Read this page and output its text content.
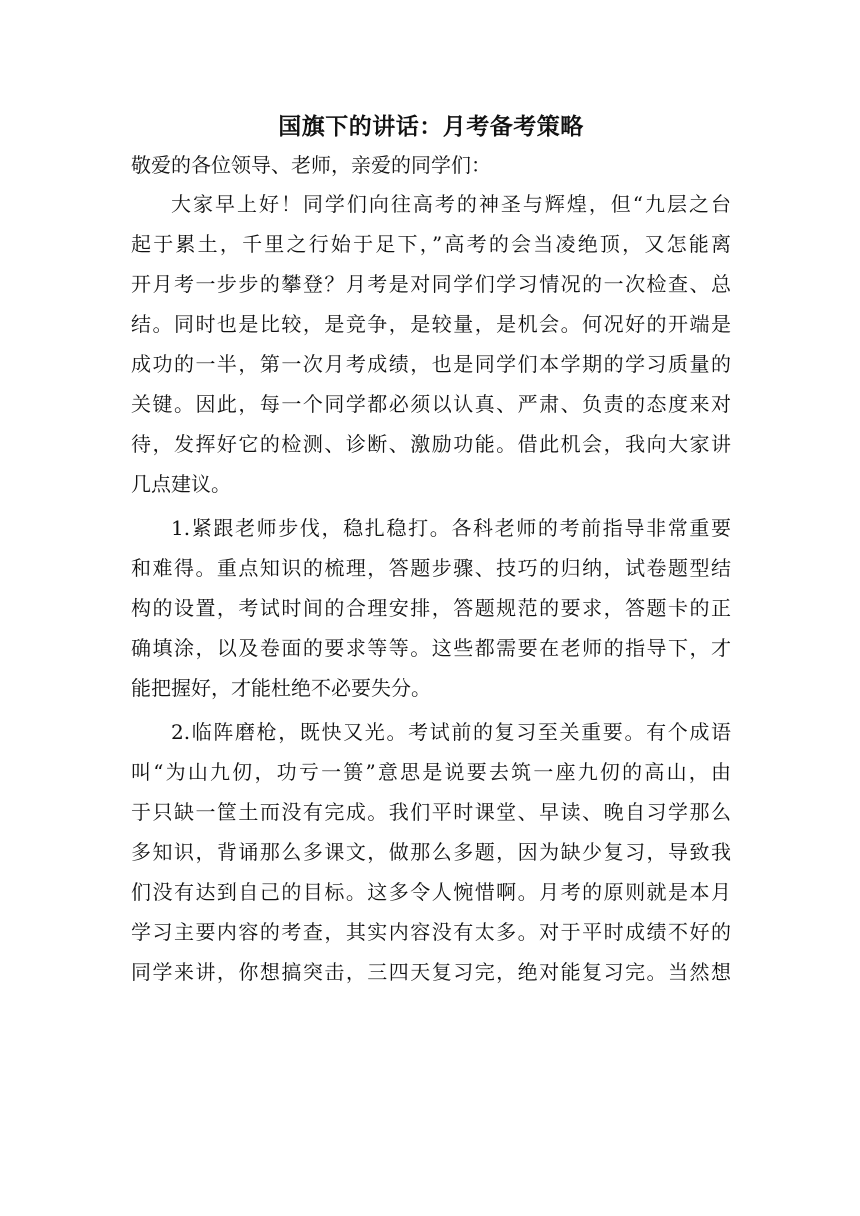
国旗下的讲话：月考备考策略

敬爱的各位领导、老师，亲爱的同学们：

大家早上好！同学们向往高考的神圣与辉煌，但“九层之台
起于累土，千里之行始于足下，”高考的会当凌绝顶，又怎能离
开月考一步步的攀登？月考是对同学们学习情况的一次检查、总
结。同时也是比较，是竞争，是较量，是机会。何况好的开端是
成功的一半，第一次月考成绩，也是同学们本学期的学习质量的
关键。因此，每一个同学都必须以认真、严肃、负责的态度来对
待，发挥好它的检测、诊断、激励功能。借此机会，我向大家讲
几点建议。
1.紧跟老师步伐，稳扎稳打。各科老师的考前指导非常重要
和难得。重点知识的梳理，答题步骤、技巧的归纳，试卷题型结
构的设置，考试时间的合理安排，答题规范的要求，答题卡的正
确填涂，以及卷面的要求等等。这些都需要在老师的指导下，才
能把握好，才能杜绝不必要失分。
2.临阵磨枪，既快又光。考试前的复习至关重要。有个成语
叫“为山九仞，功亏一篑”意思是说要去筑一座九仞的高山，由
于只缺一筐土而没有完成。我们平时课堂、早读、晚自习学那么
多知识，背诵那么多课文，做那么多题，因为缺少复习，导致我
们没有达到自己的目标。这多令人惋惜啊。月考的原则就是本月
学习主要内容的考查，其实内容没有太多。对于平时成绩不好的
同学来讲，你想搞突击，三四天复习完，绝对能复习完。当然想
